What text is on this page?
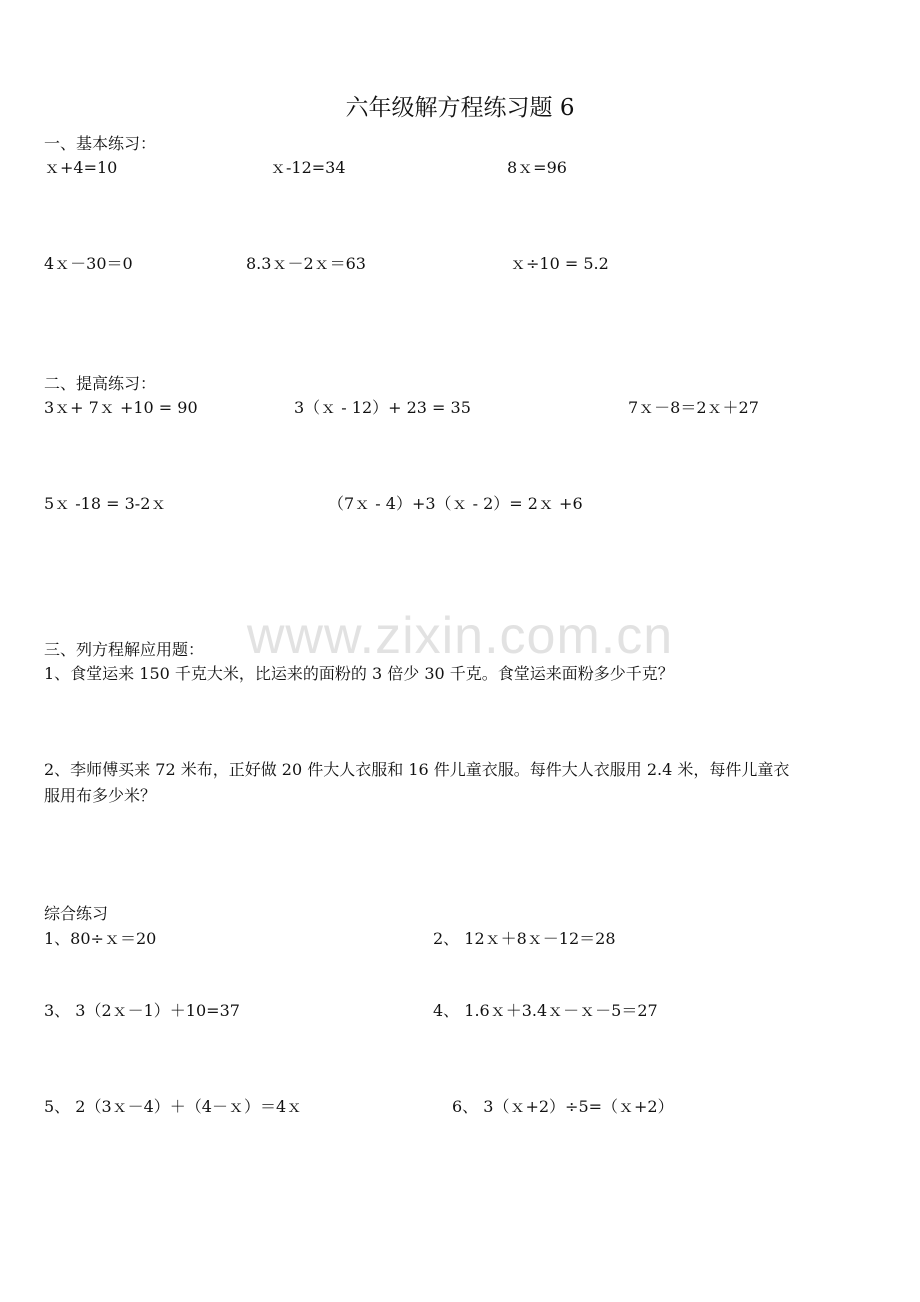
www.zixin.com.cn
六年级解方程练习题 6
一、基本练习：
ｘ+4=10	ｘ-12=34	8ｘ=96
4ｘ－30＝0	8.3ｘ－2ｘ＝63	ｘ÷10 = 5.2
二、提高练习：
3ｘ+ 7ｘ +10 = 90	3（ｘ - 12）+ 23 = 35	7ｘ－8＝2ｘ＋27
5ｘ -18 = 3-2ｘ	（7ｘ - 4）+3（ｘ - 2）= 2ｘ +6
三、列方程解应用题：
1、食堂运来 150 千克大米，比运来的面粉的 3 倍少 30 千克。食堂运来面粉多少千克？
2、李师傅买来 72 米布，正好做 20 件大人衣服和 16 件儿童衣服。每件大人衣服用 2.4 米，每件儿童衣
服用布多少米？
综合练习
1、80÷ｘ＝20	2、 12ｘ＋8ｘ－12＝28
3、 3（2ｘ－1）＋10=37	4、 1.6ｘ＋3.4ｘ－ｘ－5＝27
5、 2（3ｘ－4）＋（4－ｘ）＝4ｘ	6、 3（ｘ+2）÷5=（ｘ+2）
